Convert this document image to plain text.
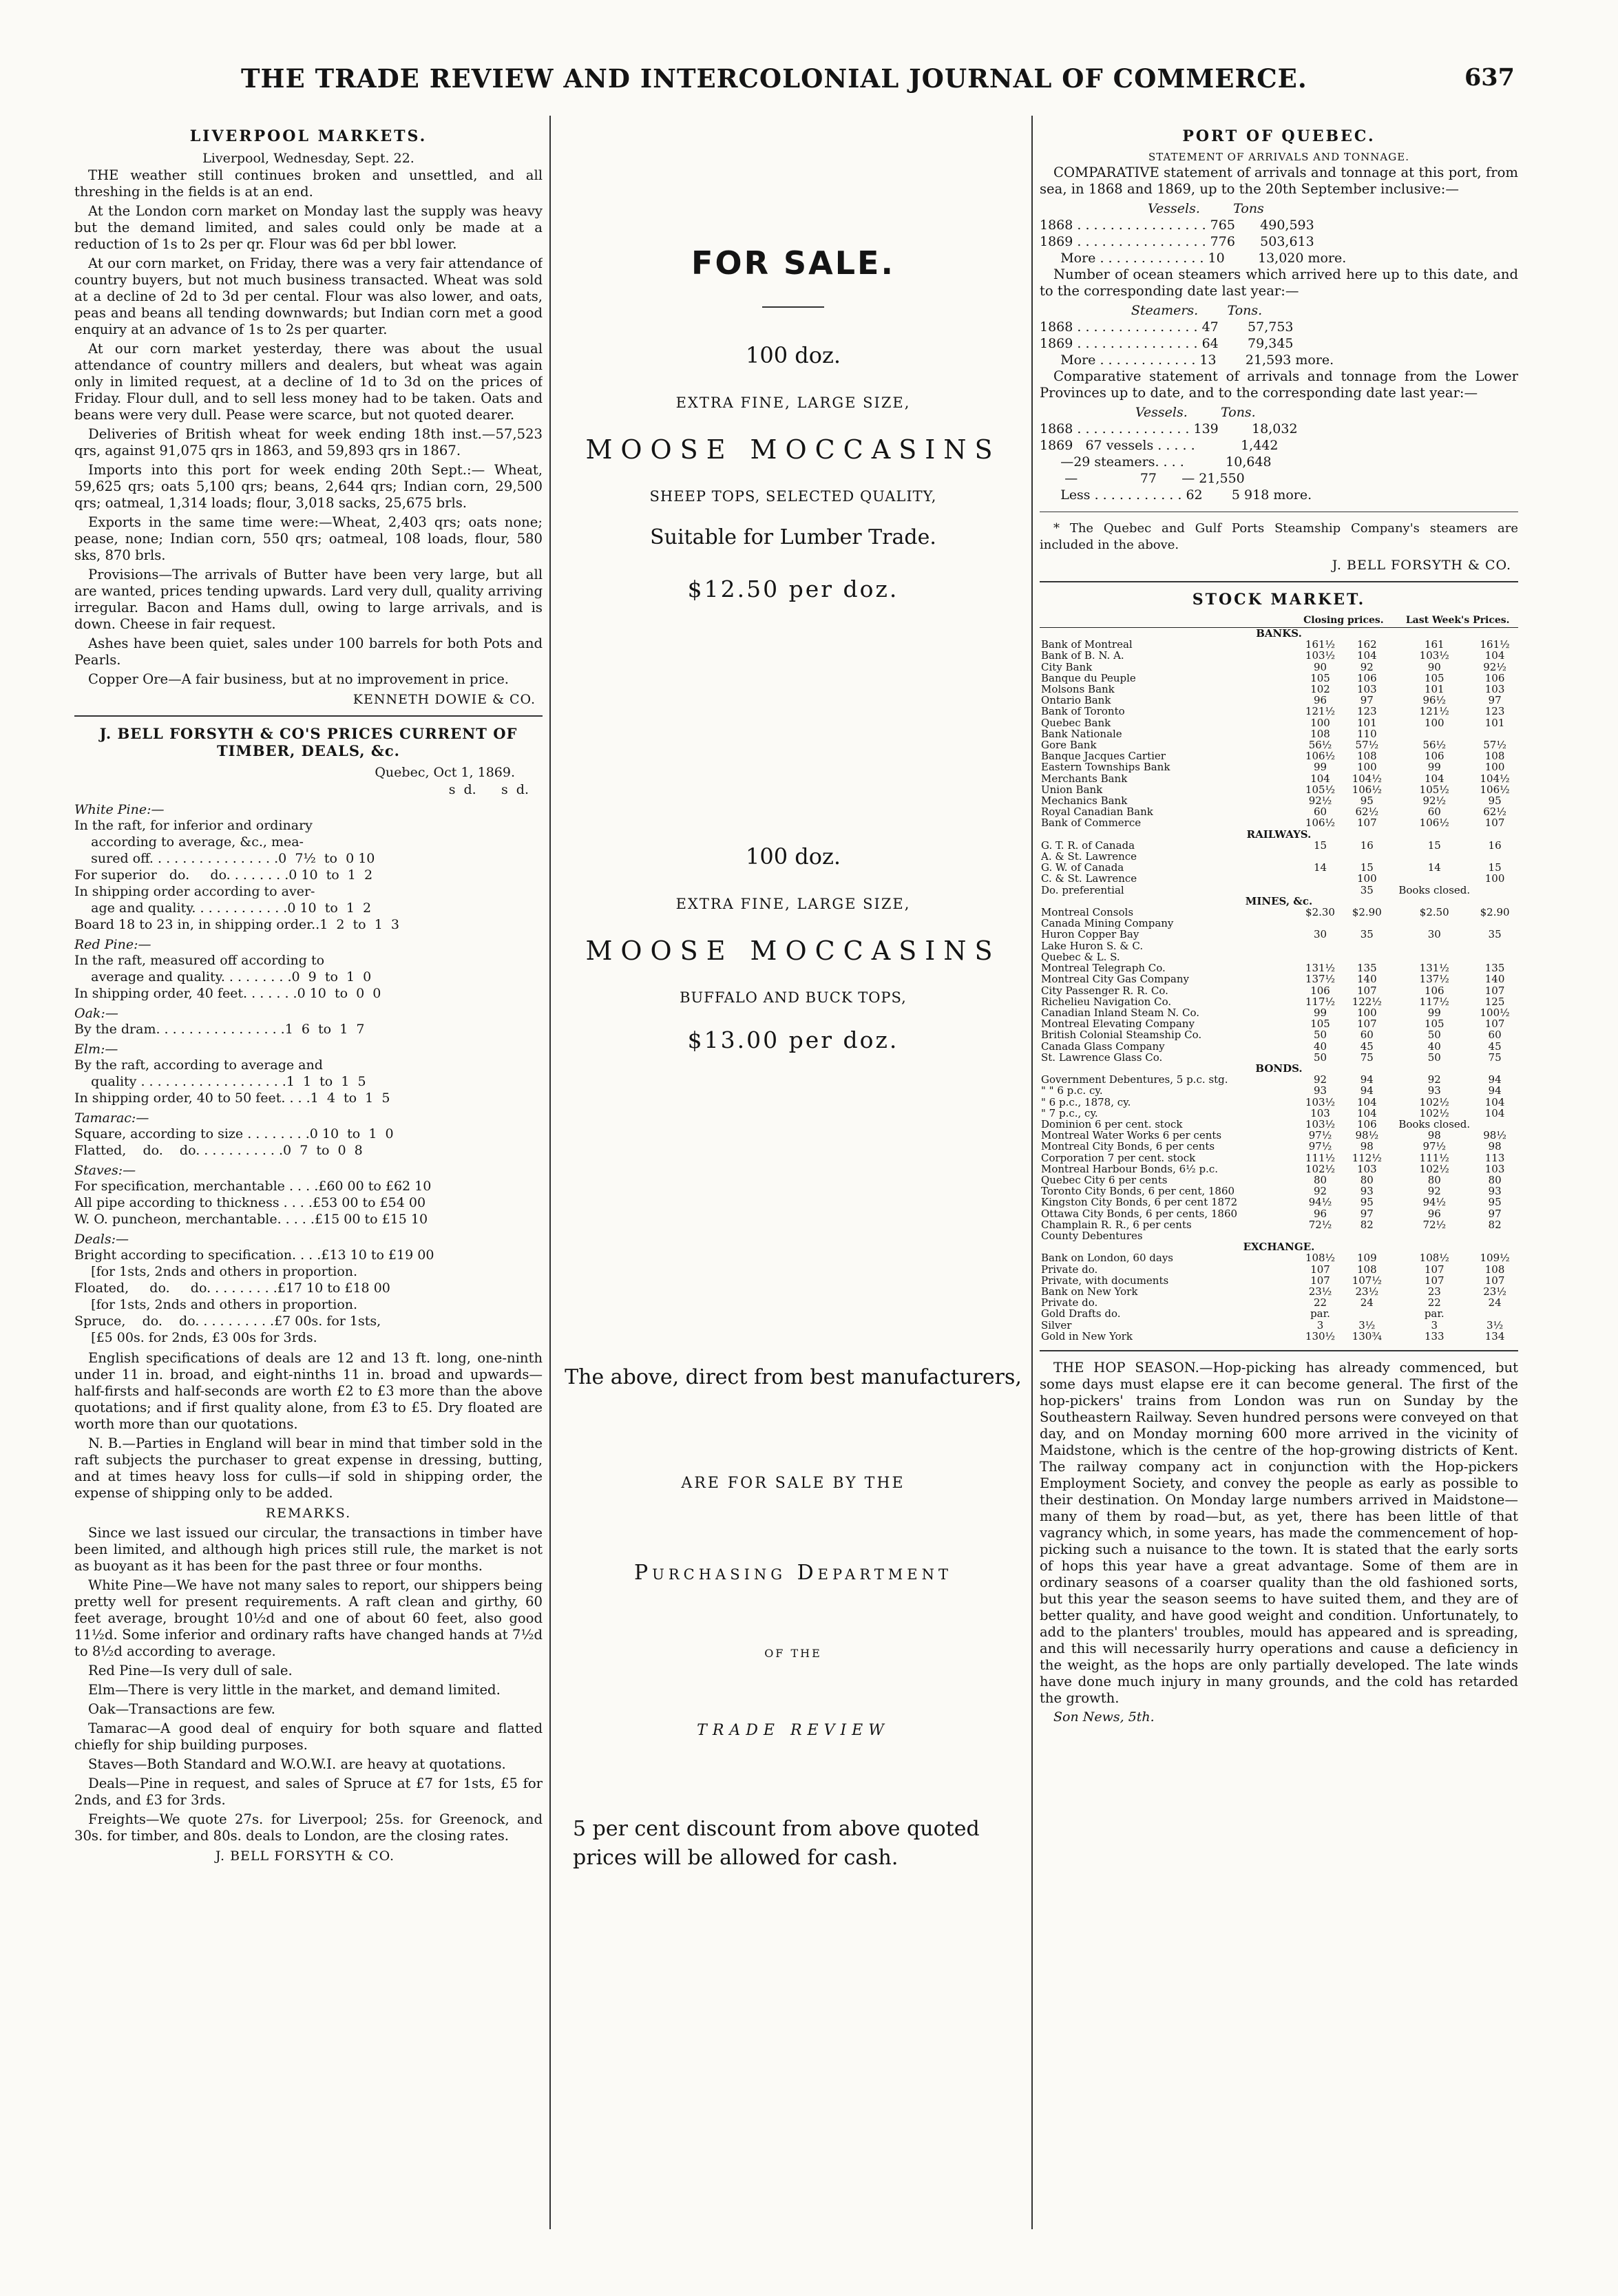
THE TRADE REVIEW AND INTERCOLONIAL JOURNAL OF COMMERCE.	637
LIVERPOOL MARKETS.
Liverpool, Wednesday, Sept. 22.

THE weather still continues broken and unsettled, and all threshing in the fields is at an end.

At the London corn market on Monday last the supply was heavy but the demand limited, and sales could only be made at a reduction of 1s to 2s per qr. Flour was 6d per bbl lower.

At our corn market, on Friday, there was a very fair attendance of country buyers, but not much business transacted. Wheat was sold at a decline of 2d to 3d per cental. Flour was also lower, and oats, peas and beans all tending downwards; but Indian corn met a good enquiry at an advance of 1s to 2s per quarter.

At our corn market yesterday, there was about the usual attendance of country millers and dealers, but wheat was again only in limited request, at a decline of 1d to 3d on the prices of Friday. Flour dull, and to sell less money had to be taken. Oats and beans were very dull. Pease were scarce, but not quoted dearer.

Deliveries of British wheat for week ending 18th inst.—57,523 qrs, against 91,075 qrs in 1863, and 59,893 qrs in 1867.

Imports into this port for week ending 20th Sept.:— Wheat, 59,625 qrs; oats 5,100 qrs; beans, 2,644 qrs; Indian corn, 29,500 qrs; oatmeal, 1,314 loads; flour, 3,018 sacks, 25,675 brls.

Exports in the same time were:—Wheat, 2,403 qrs; oats none; pease, none; Indian corn, 550 qrs; oatmeal, 108 loads, flour, 580 sks, 870 brls.

Provisions—The arrivals of Butter have been very large, but all are wanted, prices tending upwards. Lard very dull, quality arriving irregular. Bacon and Hams dull, owing to large arrivals, and is down. Cheese in fair request.

Ashes have been quiet, sales under 100 barrels for both Pots and Pearls.

Copper Ore—A fair business, but at no improvement in price.

KENNETH DOWIE & CO.
J. BELL FORSYTH & CO'S PRICES CURRENT OF TIMBER, DEALS, &c.
Quebec, Oct 1, 1869.
s  d.      s  d.
White Pine:—
In the raft, for inferior and ordinary
according to average, &c., mea-
sured off. . . . . . . . . . . . . . . .0  7½  to  0 10
For superior   do.     do. . . . . . . .0 10  to  1  2
In shipping order according to aver-
age and quality. . . . . . . . . . . .0 10  to  1  2
Board 18 to 23 in, in shipping order..1  2  to  1  3
Red Pine:—
In the raft, measured off according to
average and quality. . . . . . . . .0  9  to  1  0
In shipping order, 40 feet. . . . . . .0 10  to  0  0
Oak:—
By the dram. . . . . . . . . . . . . . . .1  6  to  1  7
Elm:—
By the raft, according to average and
quality . . . . . . . . . . . . . . . . . .1  1  to  1  5
In shipping order, 40 to 50 feet. . . .1  4  to  1  5
Tamarac:—
Square, according to size . . . . . . . .0 10  to  1  0
Flatted,    do.    do. . . . . . . . . . .0  7  to  0  8
Staves:—
For specification, merchantable . . . .£60 00 to £62 10
All pipe according to thickness . . . .£53 00 to £54 00
W. O. puncheon, merchantable. . . . .£15 00 to £15 10
Deals:—
Bright according to specification. . . .£13 10 to £19 00
[for 1sts, 2nds and others in proportion.
Floated,     do.     do. . . . . . . . .£17 10 to £18 00
[for 1sts, 2nds and others in proportion.
Spruce,    do.    do. . . . . . . . . .£7 00s. for 1sts,
[£5 00s. for 2nds, £3 00s for 3rds.

English specifications of deals are 12 and 13 ft. long, one-ninth under 11 in. broad, and eight-ninths 11 in. broad and upwards—half-firsts and half-seconds are worth £2 to £3 more than the above quotations; and if first quality alone, from £3 to £5. Dry floated are worth more than our quotations.

N. B.—Parties in England will bear in mind that timber sold in the raft subjects the purchaser to great expense in dressing, butting, and at times heavy loss for culls—if sold in shipping order, the expense of shipping only to be added.

REMARKS.

Since we last issued our circular, the transactions in timber have been limited, and although high prices still rule, the market is not as buoyant as it has been for the past three or four months.

White Pine—We have not many sales to report, our shippers being pretty well for present requirements. A raft clean and girthy, 60 feet average, brought 10½d and one of about 60 feet, also good 11½d. Some inferior and ordinary rafts have changed hands at 7½d to 8½d according to average.

Red Pine—Is very dull of sale.

Elm—There is very little in the market, and demand limited.

Oak—Transactions are few.

Tamarac—A good deal of enquiry for both square and flatted chiefly for ship building purposes.

Staves—Both Standard and W.O.W.I. are heavy at quotations.

Deals—Pine in request, and sales of Spruce at £7 for 1sts, £5 for 2nds, and £3 for 3rds.

Freights—We quote 27s. for Liverpool; 25s. for Greenock, and 30s. for timber, and 80s. deals to London, are the closing rates.

J. BELL FORSYTH & CO.
FOR SALE.
100 doz.
EXTRA FINE, LARGE SIZE,
MOOSE MOCCASINS
SHEEP TOPS, SELECTED QUALITY,
Suitable for Lumber Trade.
$12.50 per doz.
100 doz.
EXTRA FINE, LARGE SIZE,
MOOSE MOCCASINS
BUFFALO AND BUCK TOPS,
$13.00 per doz.
The above, direct from best manufacturers,
ARE FOR SALE BY THE
Purchasing Department
OF THE
TRADE REVIEW
5 per cent discount from above quoted prices will be allowed for cash.
PORT OF QUEBEC.
STATEMENT OF ARRIVALS AND TONNAGE.

COMPARATIVE statement of arrivals and tonnage at this port, from sea, in 1868 and 1869, up to the 20th September inclusive:—

Vessels.        Tons
1868 . . . . . . . . . . . . . . . . 765      490,593
1869 . . . . . . . . . . . . . . . . 776      503,613
More . . . . . . . . . . . . . 10        13,020 more.

Number of ocean steamers which arrived here up to this date, and to the corresponding date last year:—

Steamers.       Tons.
1868 . . . . . . . . . . . . . . . 47       57,753
1869 . . . . . . . . . . . . . . . 64       79,345
More . . . . . . . . . . . . 13       21,593 more.

Comparative statement of arrivals and tonnage from the Lower Provinces up to date, and to the corresponding date last year:—

Vessels.        Tons.
1868 . . . . . . . . . . . . . . 139        18,032
1869   67 vessels . . . . .           1,442
—29 steamers. . . .          10,648
—               77      — 21,550
Less . . . . . . . . . . . 62       5 918 more.

* The Quebec and Gulf Ports Steamship Company's steamers are included in the above.

J. BELL FORSYTH & CO.
STOCK MARKET.
	Closing prices.			Last Week's Prices.	
BANKS.					
Bank of Montreal	161½	162		161	161½
Bank of B. N. A.	103½	104		103½	104
City Bank	90	92		90	92½
Banque du Peuple	105	106		105	106
Molsons Bank	102	103		101	103
Ontario Bank	96	97		96½	97
Bank of Toronto	121½	123		121½	123
Quebec Bank	100	101		100	101
Bank Nationale	108	110			
Gore Bank	56½	57½		56½	57½
Banque Jacques Cartier	106½	108		106	108
Eastern Townships Bank	99	100		99	100
Merchants Bank	104	104½		104	104½
Union Bank	105½	106½		105½	106½
Mechanics Bank	92½	95		92½	95
Royal Canadian Bank	60	62½		60	62½
Bank of Commerce	106½	107		106½	107
RAILWAYS.					
G. T. R. of Canada	15	16		15	16
A. & St. Lawrence					
G. W. of Canada	14	15		14	15
C. & St. Lawrence		100			100
Do. preferential		35		Books closed.	
MINES, &c.					
Montreal Consols	$2.30	$2.90		$2.50	$2.90
Canada Mining Company					
Huron Copper Bay	30	35		30	35
Lake Huron S. & C.					
Quebec & L. S.					
Montreal Telegraph Co.	131½	135		131½	135
Montreal City Gas Company	137½	140		137½	140
City Passenger R. R. Co.	106	107		106	107
Richelieu Navigation Co.	117½	122½		117½	125
Canadian Inland Steam N. Co.	99	100		99	100½
Montreal Elevating Company	105	107		105	107
British Colonial Steamship Co.	50	60		50	60
Canada Glass Company	40	45		40	45
St. Lawrence Glass Co.	50	75		50	75
BONDS.					
Government Debentures, 5 p.c. stg.	92	94		92	94
" " 6 p.c. cy.	93	94		93	94
" 6 p.c., 1878, cy.	103½	104		102½	104
" 7 p.c., cy.	103	104		102½	104
Dominion 6 per cent. stock	103½	106		Books closed.	
Montreal Water Works 6 per cents	97½	98½		98	98½
Montreal City Bonds, 6 per cents	97½	98		97½	98
Corporation 7 per cent. stock	111½	112½		111½	113
Montreal Harbour Bonds, 6½ p.c.	102½	103		102½	103
Quebec City 6 per cents	80	80		80	80
Toronto City Bonds, 6 per cent, 1860	92	93		92	93
Kingston City Bonds, 6 per cent 1872	94½	95		94½	95
Ottawa City Bonds, 6 per cents, 1860	96	97		96	97
Champlain R. R., 6 per cents	72½	82		72½	82
County Debentures					
EXCHANGE.					
Bank on London, 60 days	108½	109		108½	109½
Private do.	107	108		107	108
Private, with documents	107	107½		107	107
Bank on New York	23½	23½		23	23½
Private do.	22	24		22	24
Gold Drafts do.	par.			par.	
Silver	3	3½		3	3½
Gold in New York	130½	130¾		133	134

THE HOP SEASON.—Hop-picking has already commenced, but some days must elapse ere it can become general. The first of the hop-pickers' trains from London was run on Sunday by the Southeastern Railway. Seven hundred persons were conveyed on that day, and on Monday morning 600 more arrived in the vicinity of Maidstone, which is the centre of the hop-growing districts of Kent. The railway company act in conjunction with the Hop-pickers Employment Society, and convey the people as early as possible to their destination. On Monday large numbers arrived in Maidstone—many of them by road—but, as yet, there has been little of that vagrancy which, in some years, has made the commencement of hop-picking such a nuisance to the town. It is stated that the early sorts of hops this year have a great advantage. Some of them are in ordinary seasons of a coarser quality than the old fashioned sorts, but this year the season seems to have suited them, and they are of better quality, and have good weight and condition. Unfortunately, to add to the planters' troubles, mould has appeared and is spreading, and this will necessarily hurry operations and cause a deficiency in the weight, as the hops are only partially developed. The late winds have done much injury in many grounds, and the cold has retarded the growth.

Son News, 5th.
